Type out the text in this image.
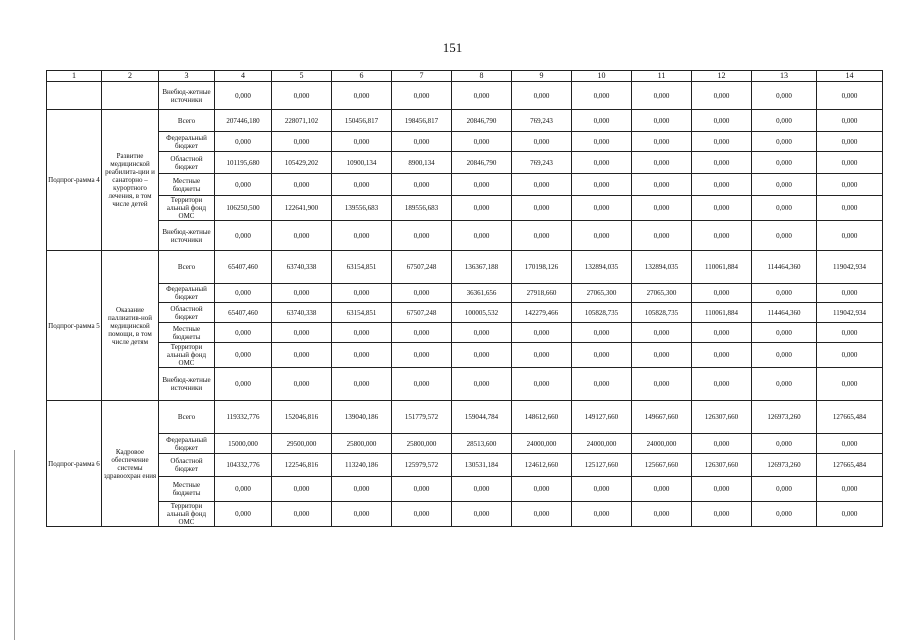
151
1	2	3	4	5	6	7	8	9	10	11	12	13	14
		Внебюд-жетные источники	0,000	0,000	0,000	0,000	0,000	0,000	0,000	0,000	0,000	0,000	0,000
Подпрог-рамма 4	Развитие медицинской реабилита-ции и санаторно – курортного лечения, в том числе детей	Всего	207446,180	228071,102	150456,817	198456,817	20846,790	769,243	0,000	0,000	0,000	0,000	0,000
		Федеральный бюджет	0,000	0,000	0,000	0,000	0,000	0,000	0,000	0,000	0,000	0,000	0,000
		Областной бюджет	101195,680	105429,202	10900,134	8900,134	20846,790	769,243	0,000	0,000	0,000	0,000	0,000
		Местные бюджеты	0,000	0,000	0,000	0,000	0,000	0,000	0,000	0,000	0,000	0,000	0,000
		Территори альный фонд ОМС	106250,500	122641,900	139556,683	189556,683	0,000	0,000	0,000	0,000	0,000	0,000	0,000
		Внебюд-жетные источники	0,000	0,000	0,000	0,000	0,000	0,000	0,000	0,000	0,000	0,000	0,000
Подпрог-рамма 5	Оказание паллиатив-ной медицинской помощи, в том числе детям	Всего	65407,460	63740,338	63154,851	67507,248	136367,188	170198,126	132894,035	132894,035	110061,884	114464,360	119042,934
		Федеральный бюджет	0,000	0,000	0,000	0,000	36361,656	27918,660	27065,300	27065,300	0,000	0,000	0,000
		Областной бюджет	65407,460	63740,338	63154,851	67507,248	100005,532	142279,466	105828,735	105828,735	110061,884	114464,360	119042,934
		Местные бюджеты	0,000	0,000	0,000	0,000	0,000	0,000	0,000	0,000	0,000	0,000	0,000
		Территори альный фонд ОМС	0,000	0,000	0,000	0,000	0,000	0,000	0,000	0,000	0,000	0,000	0,000
		Внебюд-жетные источники	0,000	0,000	0,000	0,000	0,000	0,000	0,000	0,000	0,000	0,000	0,000
Подпрог-рамма 6	Кадровое обеспечение системы здравоохран ения	Всего	119332,776	152046,816	139040,186	151779,572	159044,784	148612,660	149127,660	149667,660	126307,660	126973,260	127665,484
		Федеральный бюджет	15000,000	29500,000	25800,000	25800,000	28513,600	24000,000	24000,000	24000,000	0,000	0,000	0,000
		Областной бюджет	104332,776	122546,816	113240,186	125979,572	130531,184	124612,660	125127,660	125667,660	126307,660	126973,260	127665,484
		Местные бюджеты	0,000	0,000	0,000	0,000	0,000	0,000	0,000	0,000	0,000	0,000	0,000
		Территори альный фонд ОМС	0,000	0,000	0,000	0,000	0,000	0,000	0,000	0,000	0,000	0,000	0,000
